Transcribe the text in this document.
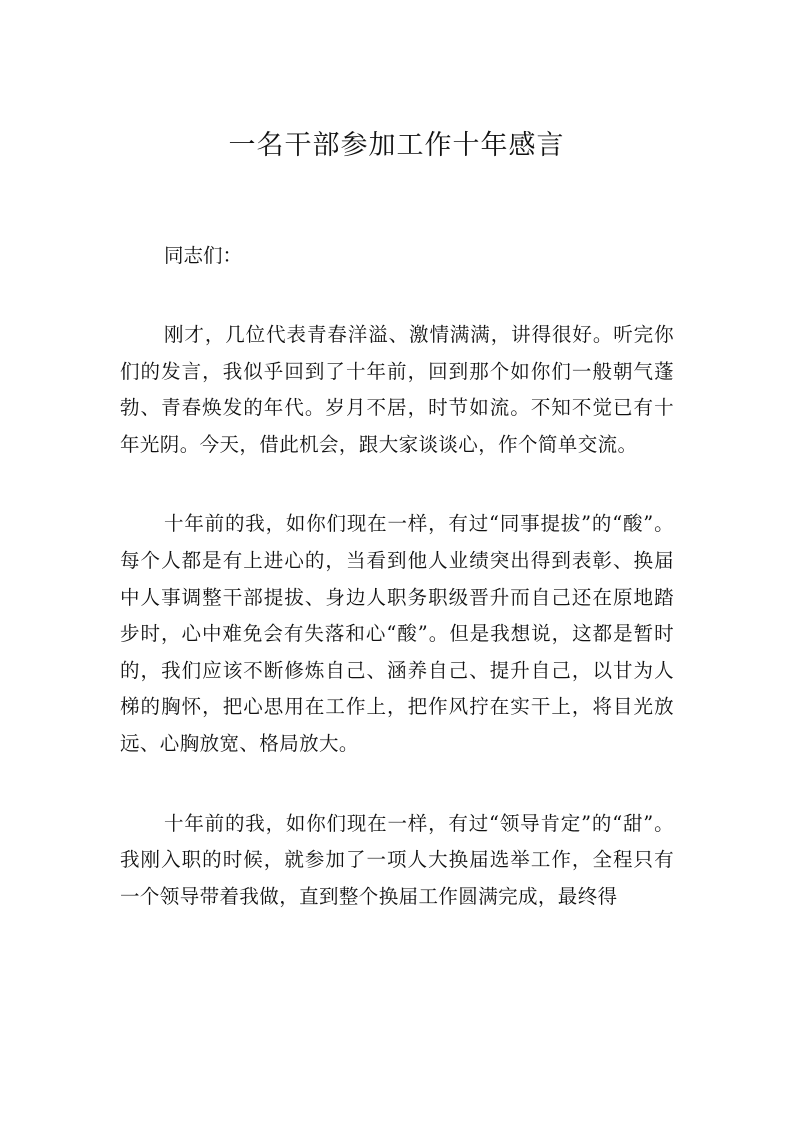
一名干部参加工作十年感言

同志们：

刚才，几位代表青春洋溢、激情满满，讲得很好。听完你们的发言，我似乎回到了十年前，回到那个如你们一般朝气蓬勃、青春焕发的年代。岁月不居，时节如流。不知不觉已有十年光阴。今天，借此机会，跟大家谈谈心，作个简单交流。

十年前的我，如你们现在一样，有过“同事提拔”的“酸”。每个人都是有上进心的，当看到他人业绩突出得到表彰、换届中人事调整干部提拔、身边人职务职级晋升而自己还在原地踏步时，心中难免会有失落和心“酸”。但是我想说，这都是暂时的，我们应该不断修炼自己、涵养自己、提升自己，以甘为人梯的胸怀，把心思用在工作上，把作风拧在实干上，将目光放远、心胸放宽、格局放大。

十年前的我，如你们现在一样，有过“领导肯定”的“甜”。我刚入职的时候，就参加了一项人大换届选举工作，全程只有一个领导带着我做，直到整个换届工作圆满完成，最终得
